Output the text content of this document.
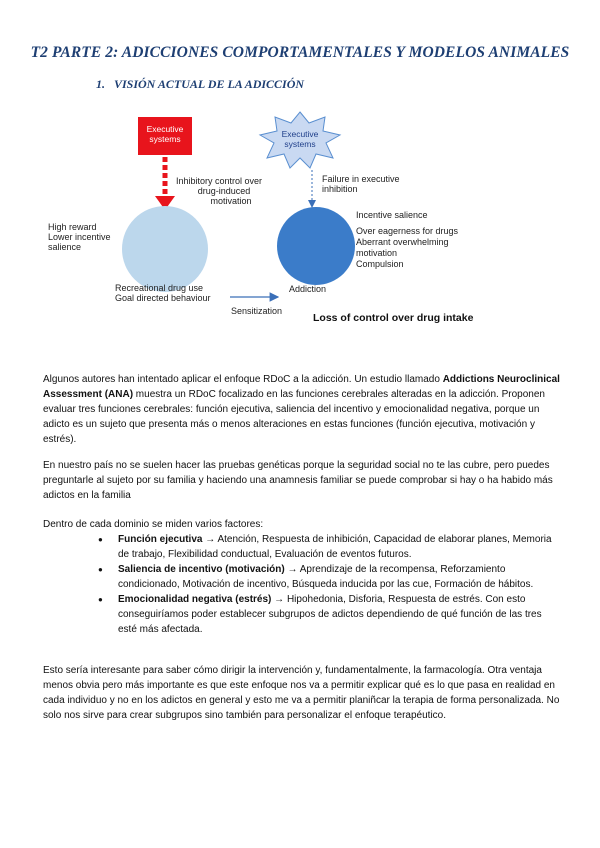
T2 PARTE 2: ADICCIONES COMPORTAMENTALES Y MODELOS ANIMALES
1. VISIÓN ACTUAL DE LA ADICCIÓN
Executive systems	Executive systems
Inhibitory control over
drug-induced
motivation
Failure in executive
inhibition
High reward
Lower incentive
salience
Incentive salience
Over eagerness for drugs
Aberrant overwhelming
motivation
Compulsion
Recreational drug use
Goal directed behaviour
Addiction
Sensitization
Loss of control over drug intake

Algunos autores han intentado aplicar el enfoque RDoC a la adicción. Un estudio llamado Addictions Neuroclinical Assessment (ANA) muestra un RDoC focalizado en las funciones cerebrales alteradas en la adicción. Proponen evaluar tres funciones cerebrales: función ejecutiva, saliencia del incentivo y emocionalidad negativa, porque un adicto es un sujeto que presenta más o menos alteraciones en estas funciones (función ejecutiva, motivación y estrés).

En nuestro país no se suelen hacer las pruebas genéticas porque la seguridad social no te las cubre, pero puedes preguntarle al sujeto por su familia y haciendo una anamnesis familiar se puede comprobar si hay o ha habido más adictos en la familia

Dentro de cada dominio se miden varios factores:

● Función ejecutiva → Atención, Respuesta de inhibición, Capacidad de elaborar planes, Memoria de trabajo, Flexibilidad conductual, Evaluación de eventos futuros.
● Saliencia de incentivo (motivación) → Aprendizaje de la recompensa, Reforzamiento condicionado, Motivación de incentivo, Búsqueda inducida por las cue, Formación de hábitos.
● Emocionalidad negativa (estrés) → Hipohedonia, Disforia, Respuesta de estrés. Con esto conseguiríamos poder establecer subgrupos de adictos dependiendo de qué función de las tres esté más afectada.

Esto sería interesante para saber cómo dirigir la intervención y, fundamentalmente, la farmacología. Otra ventaja menos obvia pero más importante es que este enfoque nos va a permitir explicar qué es lo que pasa en realidad en cada individuo y no en los adictos en general y esto me va a permitir planiñcar la terapia de forma personalizada. No solo nos sirve para crear subgrupos sino también para personalizar el enfoque terapéutico.
